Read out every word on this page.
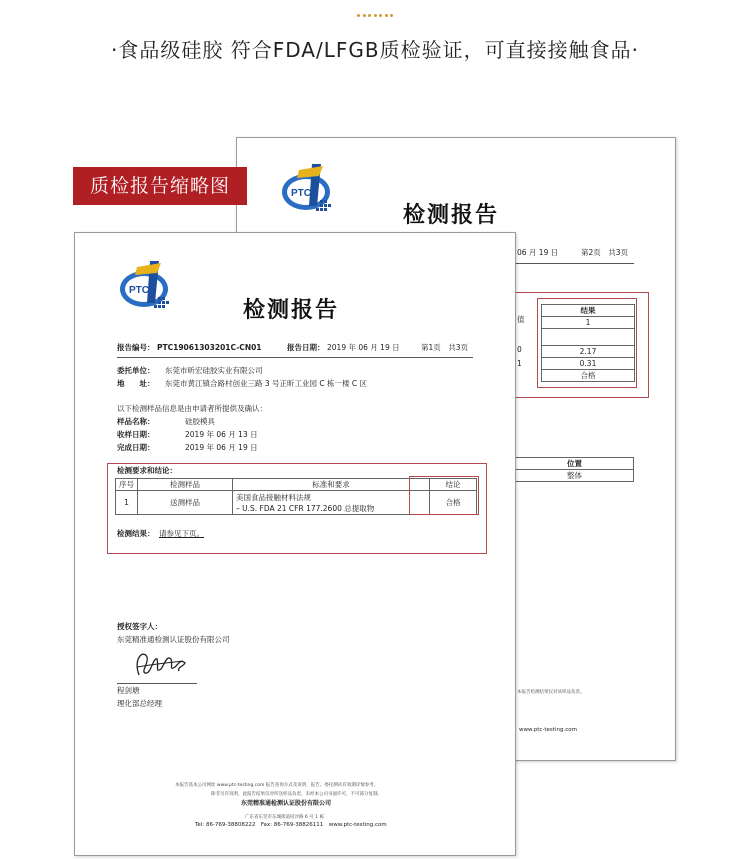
·食品级硅胶 符合FDA/LFGB质检验证，可直接接触食品·
PTC
检测报告
06 月 19 日	第2页　共3页
值
0
1
结果
1

2.17
0.31
合格
位置
整体
本报告检测结果仅对该样品负责。
www.ptc-testing.com
质检报告缩略图
PTC
检测报告
报告编号： PTC19061303201C-CN01	报告日期： 2019 年 06 月 19 日	第1页　共3页
委托单位： 东莞市昕宏硅胶实业有限公司
地　　址： 东莞市黄江镇合路村创业三路 3 号正昕工业园 C 栋一楼 C 区
以下检测样品信息是由申请者所提供及确认：
样品名称：	硅胶模具
收样日期：	2019 年 06 月 13 日
完成日期：	2019 年 06 月 19 日
检测要求和结论：
序号	检测样品	标准和要求	结论
1	送测样品	美国食品接触材料法规
– U.S. FDA 21 CFR 177.2600 总提取物	合格
检测结果： 请参见下页。
授权签字人：
东莞精准通检测认证股份有限公司
程剑塘
理化部总经理
本报告基本公司网址 www.ptc-testing.com 报告查询方式及说明，报告、委托测试有效期详情参考。
除非另有说明，此报告结果仅对所送样品负责，未经本公司书面许可，不可部分复制。
东莞精准通检测认证股份有限公司
广东省东莞市东城街道同沙路 6 号 1 栋
Tel: 86-769-38808222　Fax: 86-769-38826111　www.ptc-testing.com
